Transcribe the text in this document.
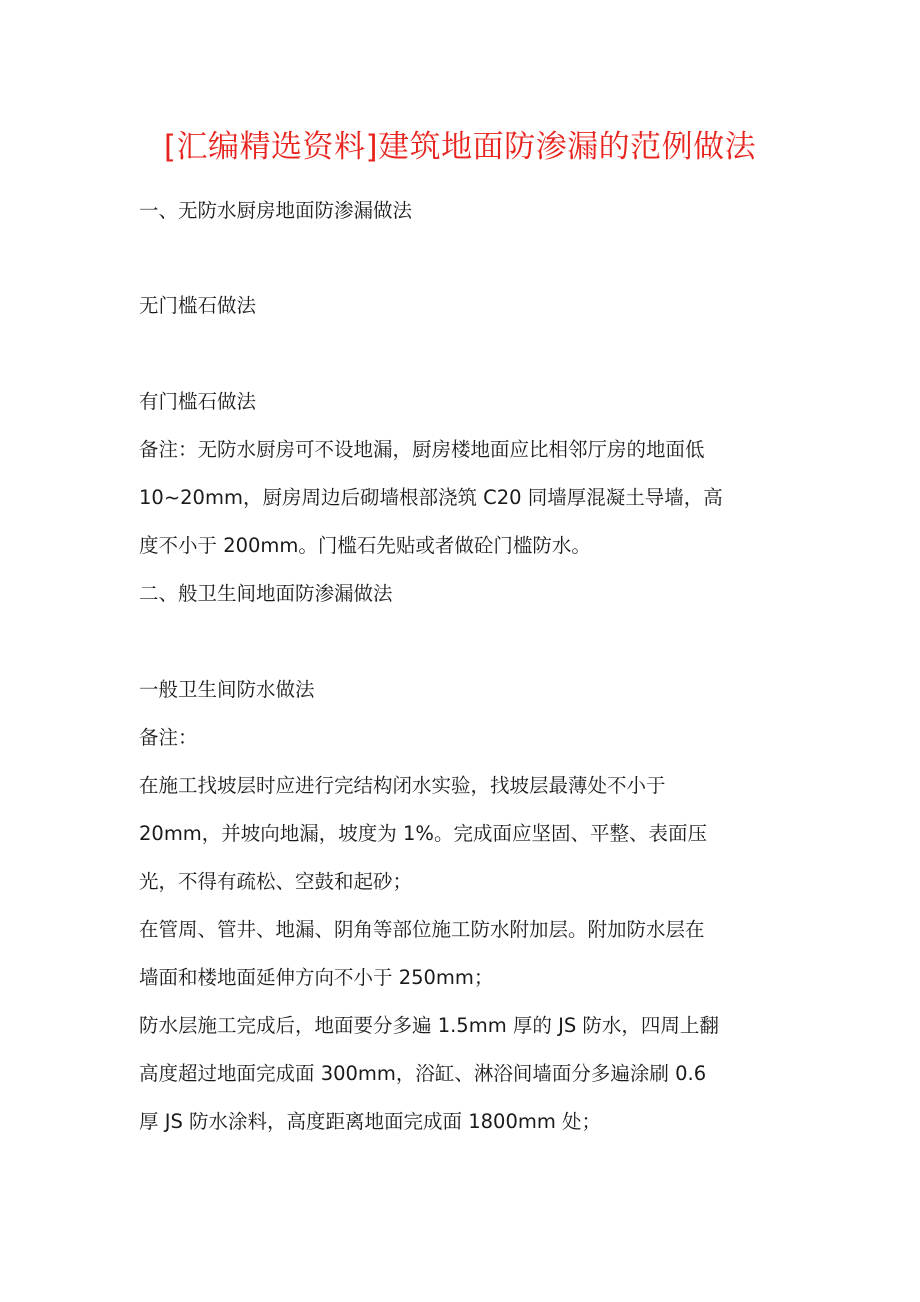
[汇编精选资料]建筑地面防渗漏的范例做法
一、无防水厨房地面防渗漏做法
无门槛石做法
有门槛石做法
备注：无防水厨房可不设地漏，厨房楼地面应比相邻厅房的地面低
10~20mm，厨房周边后砌墙根部浇筑 C20 同墙厚混凝土导墙，高
度不小于 200mm。门槛石先贴或者做砼门槛防水。
二、般卫生间地面防渗漏做法
一般卫生间防水做法
备注：
在施工找坡层时应进行完结构闭水实验，找坡层最薄处不小于
20mm，并坡向地漏，坡度为 1%。完成面应坚固、平整、表面压
光，不得有疏松、空鼓和起砂；
在管周、管井、地漏、阴角等部位施工防水附加层。附加防水层在
墙面和楼地面延伸方向不小于 250mm；
防水层施工完成后，地面要分多遍 1.5mm 厚的 JS 防水，四周上翻
高度超过地面完成面 300mm，浴缸、淋浴间墙面分多遍涂刷 0.6
厚 JS 防水涂料，高度距离地面完成面 1800mm 处；
